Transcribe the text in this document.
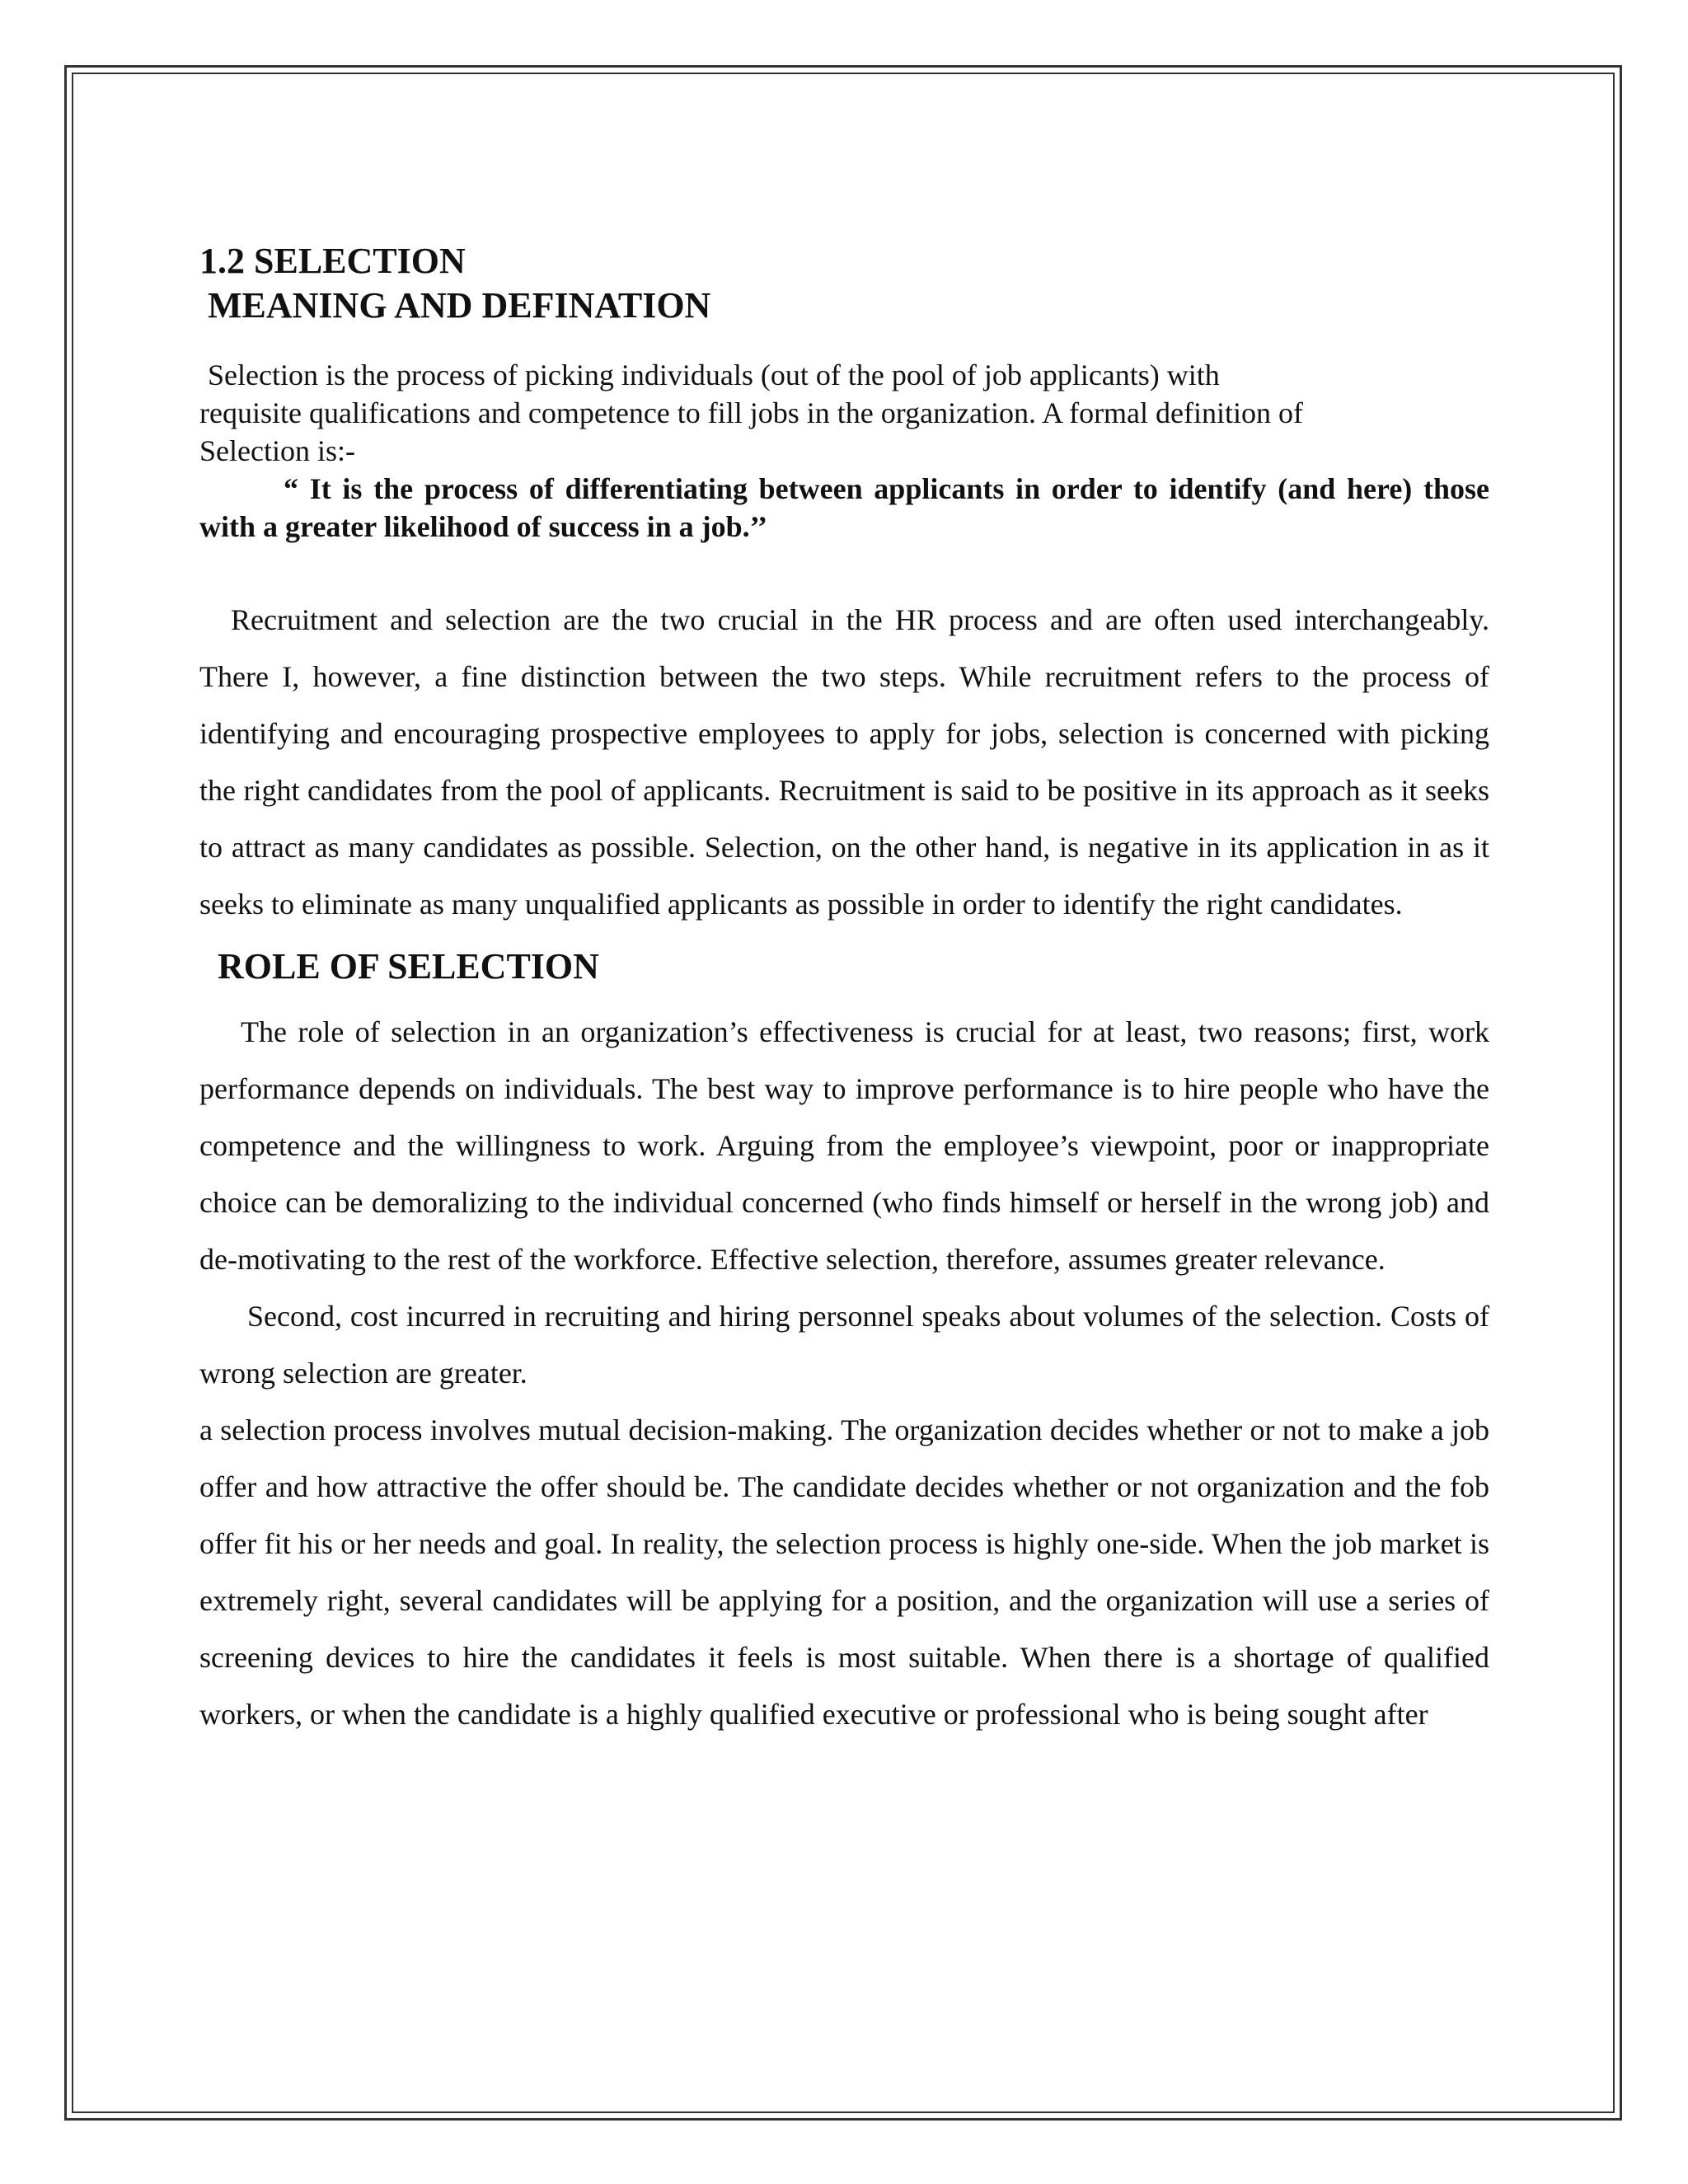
1.2 SELECTION
MEANING AND DEFINATION

Selection is the process of picking individuals (out of the pool of job applicants) with
requisite qualifications and competence to fill jobs in the organization. A formal definition of
Selection is:-

“ It is the process of differentiating between applicants in order to identify (and here) those with a greater likelihood of success in a job.’’

Recruitment and selection are the two crucial in the HR process and are often used interchangeably. There I, however, a fine distinction between the two steps. While recruitment refers to the process of identifying and encouraging prospective employees to apply for jobs, selection is concerned with picking the right candidates from the pool of applicants. Recruitment is said to be positive in its approach as it seeks to attract as many candidates as possible. Selection, on the other hand, is negative in its application in as it seeks to eliminate as many unqualified applicants as possible in order to identify the right candidates.

ROLE OF SELECTION

The role of selection in an organization’s effectiveness is crucial for at least, two reasons; first, work performance depends on individuals. The best way to improve performance is to hire people who have the competence and the willingness to work. Arguing from the employee’s viewpoint, poor or inappropriate choice can be demoralizing to the individual concerned (who finds himself or herself in the wrong job) and de-motivating to the rest of the workforce. Effective selection, therefore, assumes greater relevance.

Second, cost incurred in recruiting and hiring personnel speaks about volumes of the selection. Costs of wrong selection are greater.

a selection process involves mutual decision-making. The organization decides whether or not to make a job offer and how attractive the offer should be. The candidate decides whether or not organization and the fob offer fit his or her needs and goal. In reality, the selection process is highly one-side. When the job market is extremely right, several candidates will be applying for a position, and the organization will use a series of screening devices to hire the candidates it feels is most suitable. When there is a shortage of qualified workers, or when the candidate is a highly qualified executive or professional who is being sought after
